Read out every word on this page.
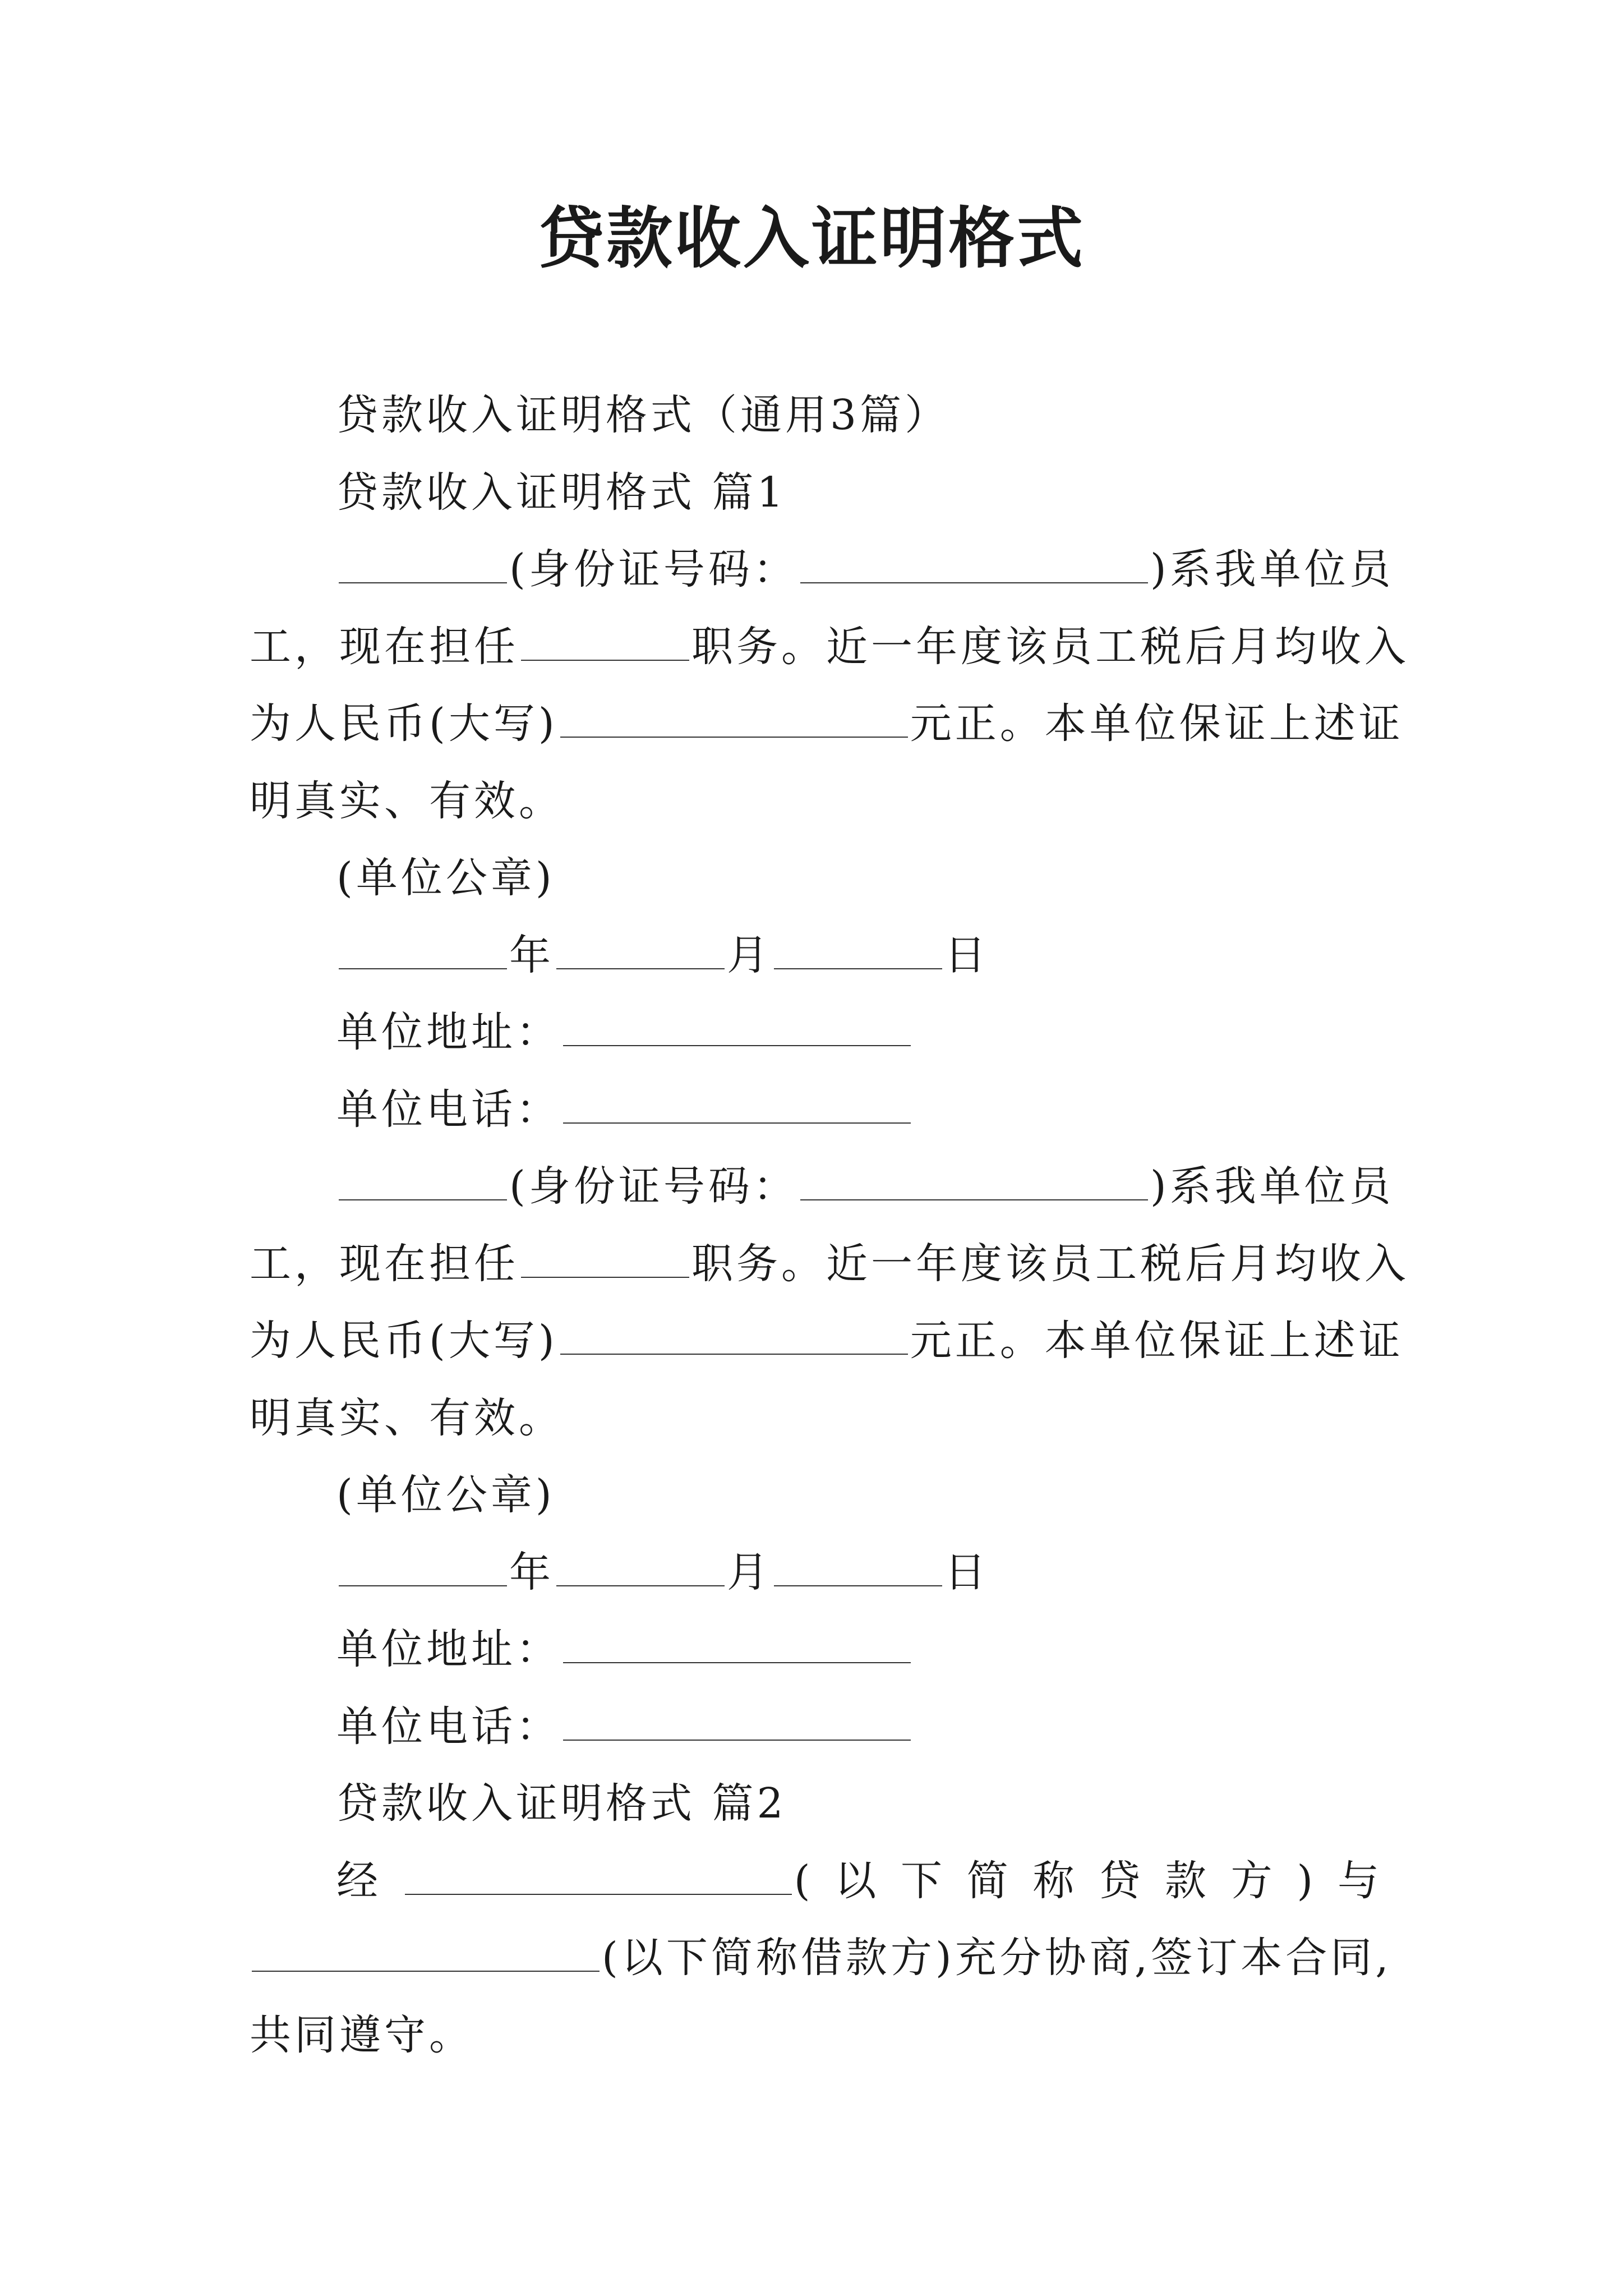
贷款收入证明格式
贷款收入证明格式（通用3篇）
贷款收入证明格式 篇1
(身份证号码：	)系我单位员
工，现在担任	职务。近一年度该员工税后月均收入
为人民币(大写)	元正。本单位保证上述证
明真实、有效。
(单位公章)
年	月	日
单位地址：
单位电话：
(身份证号码：	)系我单位员
工，现在担任	职务。近一年度该员工税后月均收入
为人民币(大写)	元正。本单位保证上述证
明真实、有效。
(单位公章)
年	月	日
单位地址：
单位电话：
贷款收入证明格式 篇2
经	(以下简称贷款方)与
(以下简称借款方)充分协商,签订本合同,
共同遵守。
